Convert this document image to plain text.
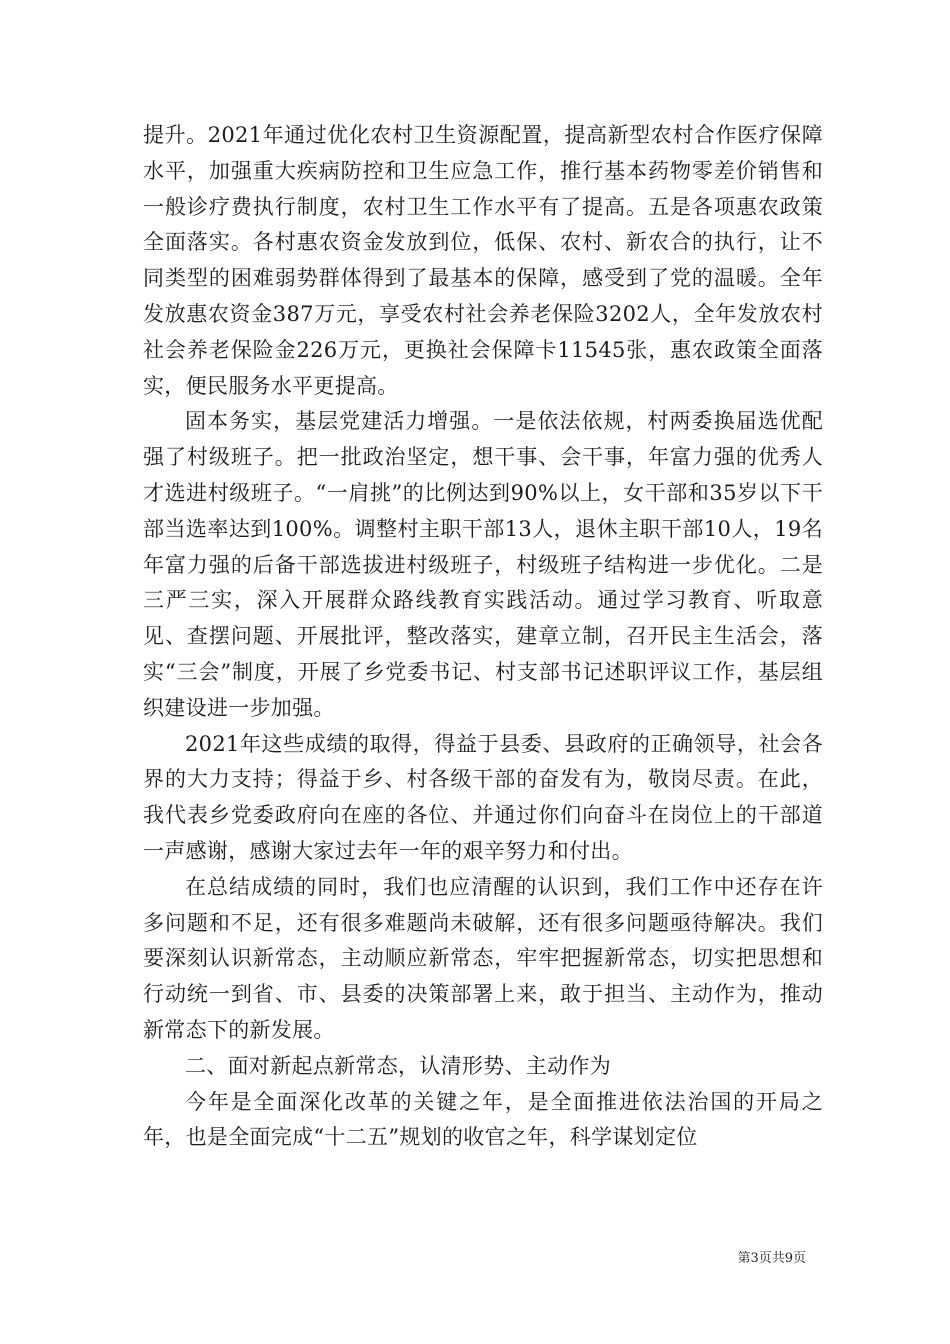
提升。2021年通过优化农村卫生资源配置，提高新型农村合作医疗保障水平，加强重大疾病防控和卫生应急工作，推行基本药物零差价销售和一般诊疗费执行制度，农村卫生工作水平有了提高。五是各项惠农政策全面落实。各村惠农资金发放到位，低保、农村、新农合的执行，让不同类型的困难弱势群体得到了最基本的保障，感受到了党的温暖。全年发放惠农资金387万元，享受农村社会养老保险3202人，全年发放农村社会养老保险金226万元，更换社会保障卡11545张，惠农政策全面落实，便民服务水平更提高。

固本务实，基层党建活力增强。一是依法依规，村两委换届选优配强了村级班子。把一批政治坚定，想干事、会干事，年富力强的优秀人才选进村级班子。“一肩挑”的比例达到90%以上，女干部和35岁以下干部当选率达到100%。调整村主职干部13人，退休主职干部10人，19名年富力强的后备干部选拔进村级班子，村级班子结构进一步优化。二是三严三实，深入开展群众路线教育实践活动。通过学习教育、听取意见、查摆问题、开展批评，整改落实，建章立制，召开民主生活会，落实“三会”制度，开展了乡党委书记、村支部书记述职评议工作，基层组织建设进一步加强。

2021年这些成绩的取得，得益于县委、县政府的正确领导，社会各界的大力支持；得益于乡、村各级干部的奋发有为，敬岗尽责。在此，我代表乡党委政府向在座的各位、并通过你们向奋斗在岗位上的干部道一声感谢，感谢大家过去年一年的艰辛努力和付出。

在总结成绩的同时，我们也应清醒的认识到，我们工作中还存在许多问题和不足，还有很多难题尚未破解，还有很多问题亟待解决。我们要深刻认识新常态，主动顺应新常态，牢牢把握新常态，切实把思想和行动统一到省、市、县委的决策部署上来，敢于担当、主动作为，推动新常态下的新发展。

二、面对新起点新常态，认清形势、主动作为

今年是全面深化改革的关键之年，是全面推进依法治国的开局之年，也是全面完成“十二五”规划的收官之年，科学谋划定位

第3页共9页
